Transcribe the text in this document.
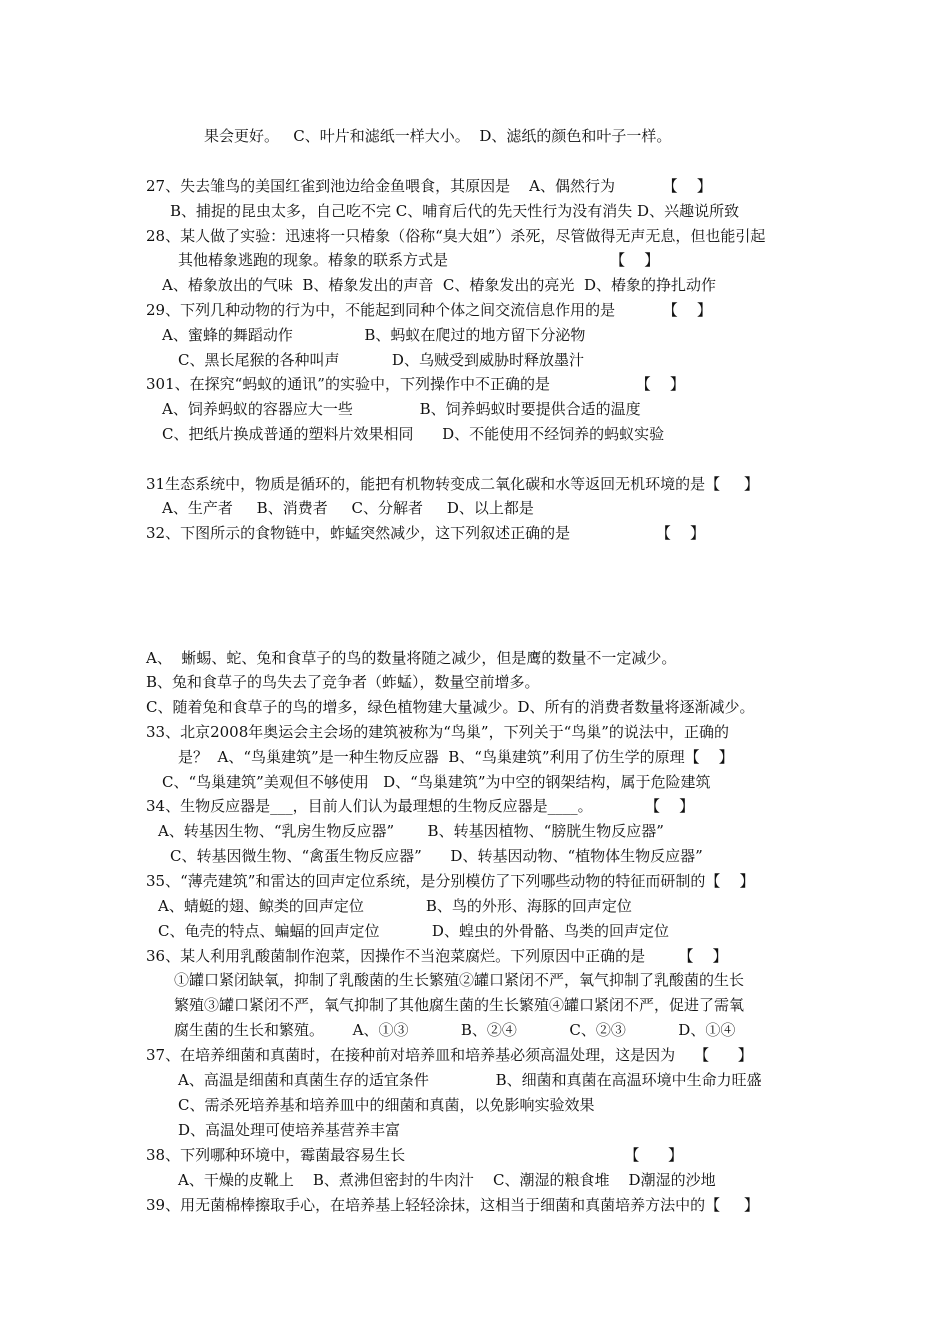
果会更好。   C、叶片和滤纸一样大小。  D、滤纸的颜色和叶子一样。
27、失去雏鸟的美国红雀到池边给金鱼喂食，其原因是    A、偶然行为          【    】
B、捕捉的昆虫太多，自己吃不完 C、哺育后代的先天性行为没有消失 D、兴趣说所致
28、某人做了实验：迅速将一只椿象（俗称“臭大姐”）杀死，尽管做得无声无息，但也能引起
其他椿象逃跑的现象。椿象的联系方式是                                  【    】
A、椿象放出的气味  B、椿象发出的声音  C、椿象发出的亮光  D、椿象的挣扎动作
29、下列几种动物的行为中，不能起到同种个体之间交流信息作用的是          【    】
A、蜜蜂的舞蹈动作               B、蚂蚁在爬过的地方留下分泌物
C、黑长尾猴的各种叫声           D、乌贼受到威胁时释放墨汁
301、在探究“蚂蚁的通讯”的实验中，下列操作中不正确的是                  【    】
A、饲养蚂蚁的容器应大一些              B、饲养蚂蚁时要提供合适的温度
C、把纸片换成普通的塑料片效果相同      D、不能使用不经饲养的蚂蚁实验
31生态系统中，物质是循环的，能把有机物转变成二氧化碳和水等返回无机环境的是【     】
A、生产者     B、消费者     C、分解者     D、以上都是
32、下图所示的食物链中，蚱蜢突然减少，这下列叙述正确的是                  【    】
A、  蜥蜴、蛇、兔和食草子的鸟的数量将随之减少，但是鹰的数量不一定减少。
B、兔和食草子的鸟失去了竞争者（蚱蜢），数量空前增多。
C、随着兔和食草子的鸟的增多，绿色植物建大量减少。D、所有的消费者数量将逐渐减少。
33、北京2008年奥运会主会场的建筑被称为“鸟巢”，下列关于“鸟巢”的说法中，正确的
是？  A、“鸟巢建筑”是一种生物反应器  B、“鸟巢建筑”利用了仿生学的原理【    】
C、“鸟巢建筑”美观但不够使用   D、“鸟巢建筑”为中空的钢架结构，属于危险建筑
34、生物反应器是___，目前人们认为最理想的生物反应器是____。           【    】
A、转基因生物、“乳房生物反应器”       B、转基因植物、“膀胱生物反应器”
C、转基因微生物、“禽蛋生物反应器”      D、转基因动物、“植物体生物反应器”
35、“薄壳建筑”和雷达的回声定位系统，是分别模仿了下列哪些动物的特征而研制的【    】
A、蜻蜓的翅、鲸类的回声定位             B、鸟的外形、海豚的回声定位
C、龟壳的特点、蝙蝠的回声定位           D、蝗虫的外骨骼、鸟类的回声定位
36、某人利用乳酸菌制作泡菜，因操作不当泡菜腐烂。下列原因中正确的是       【    】
①罐口紧闭缺氧，抑制了乳酸菌的生长繁殖②罐口紧闭不严，氧气抑制了乳酸菌的生长
繁殖③罐口紧闭不严，氧气抑制了其他腐生菌的生长繁殖④罐口紧闭不严，促进了需氧
腐生菌的生长和繁殖。      A、①③           B、②④           C、②③           D、①④
37、在培养细菌和真菌时，在接种前对培养皿和培养基必须高温处理，这是因为    【      】
A、高温是细菌和真菌生存的适宜条件              B、细菌和真菌在高温环境中生命力旺盛
C、需杀死培养基和培养皿中的细菌和真菌，以免影响实验效果
D、高温处理可使培养基营养丰富
38、下列哪种环境中，霉菌最容易生长                                              【      】
A、干燥的皮靴上    B、煮沸但密封的牛肉汁    C、潮湿的粮食堆    D潮湿的沙地
39、用无菌棉棒擦取手心，在培养基上轻轻涂抹，这相当于细菌和真菌培养方法中的【     】
